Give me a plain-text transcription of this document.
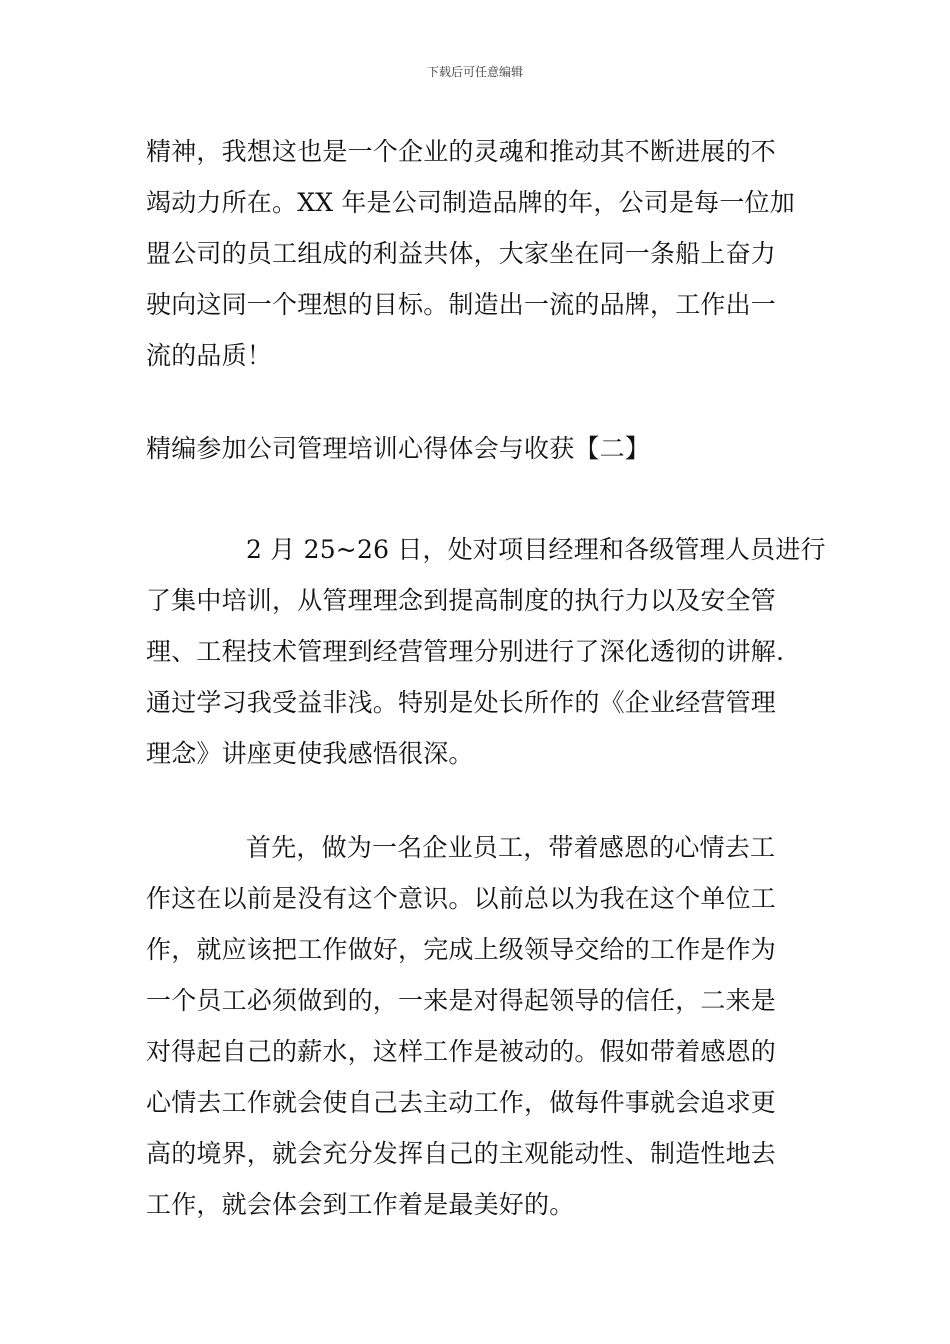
下载后可任意编辑
精神，我想这也是一个企业的灵魂和推动其不断进展的不
竭动力所在。XX 年是公司制造品牌的年，公司是每一位加
盟公司的员工组成的利益共体，大家坐在同一条船上奋力
驶向这同一个理想的目标。制造出一流的品牌，工作出一
流的品质！
精编参加公司管理培训心得体会与收获【二】
2 月 25~26 日，处对项目经理和各级管理人员进行
了集中培训，从管理理念到提高制度的执行力以及安全管
理、工程技术管理到经营管理分别进行了深化透彻的讲解.
通过学习我受益非浅。特别是处长所作的《企业经营管理
理念》讲座更使我感悟很深。
首先，做为一名企业员工，带着感恩的心情去工
作这在以前是没有这个意识。以前总以为我在这个单位工
作，就应该把工作做好，完成上级领导交给的工作是作为
一个员工必须做到的，一来是对得起领导的信任，二来是
对得起自己的薪水，这样工作是被动的。假如带着感恩的
心情去工作就会使自己去主动工作，做每件事就会追求更
高的境界，就会充分发挥自己的主观能动性、制造性地去
工作，就会体会到工作着是最美好的。
